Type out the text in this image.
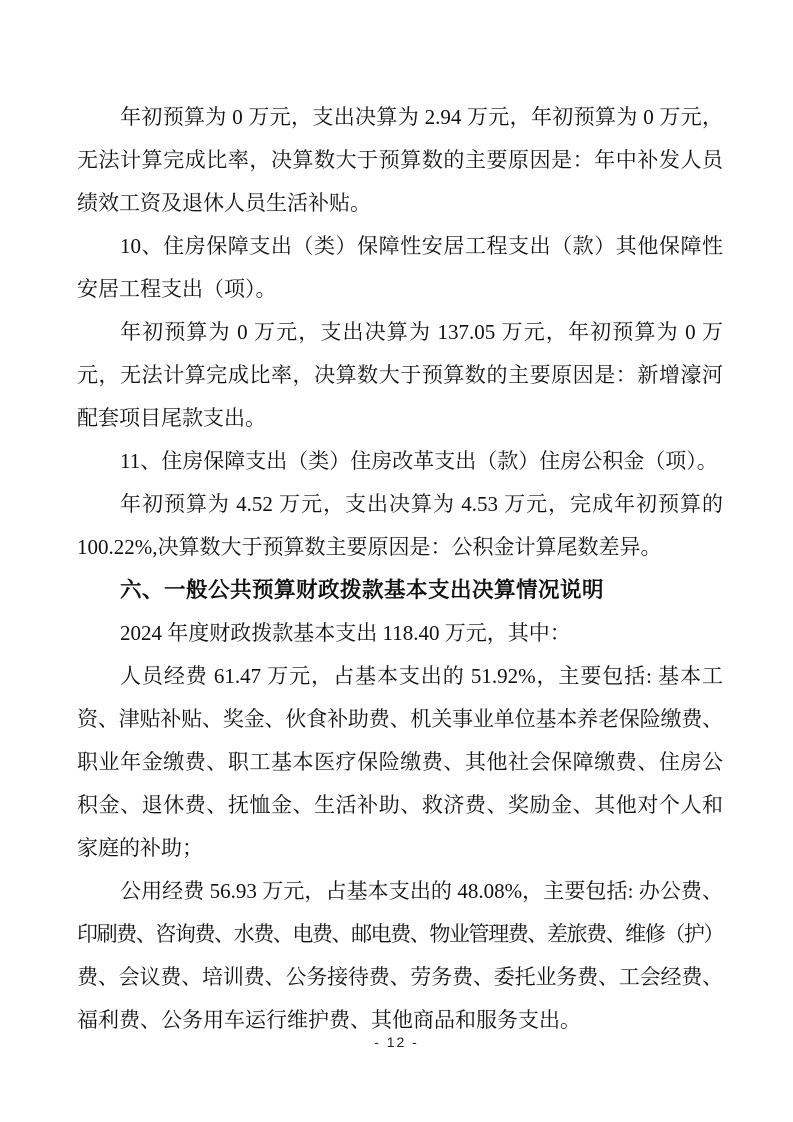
年初预算为 0 万元，支出决算为 2.94 万元，年初预算为 0 万元，
无法计算完成比率，决算数大于预算数的主要原因是：年中补发人员
绩效工资及退休人员生活补贴。
10、住房保障支出（类）保障性安居工程支出（款）其他保障性
安居工程支出（项）。
年初预算为 0 万元，支出决算为 137.05 万元，年初预算为 0 万
元，无法计算完成比率，决算数大于预算数的主要原因是：新增濠河
配套项目尾款支出。
11、住房保障支出（类）住房改革支出（款）住房公积金（项）。
年初预算为 4.52 万元，支出决算为 4.53 万元，完成年初预算的
100.22%,决算数大于预算数主要原因是：公积金计算尾数差异。
六、一般公共预算财政拨款基本支出决算情况说明
2024 年度财政拨款基本支出 118.40 万元，其中：
人员经费 61.47 万元，占基本支出的 51.92%，主要包括: 基本工
资、津贴补贴、奖金、伙食补助费、机关事业单位基本养老保险缴费、
职业年金缴费、职工基本医疗保险缴费、其他社会保障缴费、住房公
积金、退休费、抚恤金、生活补助、救济费、奖励金、其他对个人和
家庭的补助；
公用经费 56.93 万元，占基本支出的 48.08%，主要包括: 办公费、
印刷费、咨询费、水费、电费、邮电费、物业管理费、差旅费、维修（护）
费、会议费、培训费、公务接待费、劳务费、委托业务费、工会经费、
福利费、公务用车运行维护费、其他商品和服务支出。
- 12 -
